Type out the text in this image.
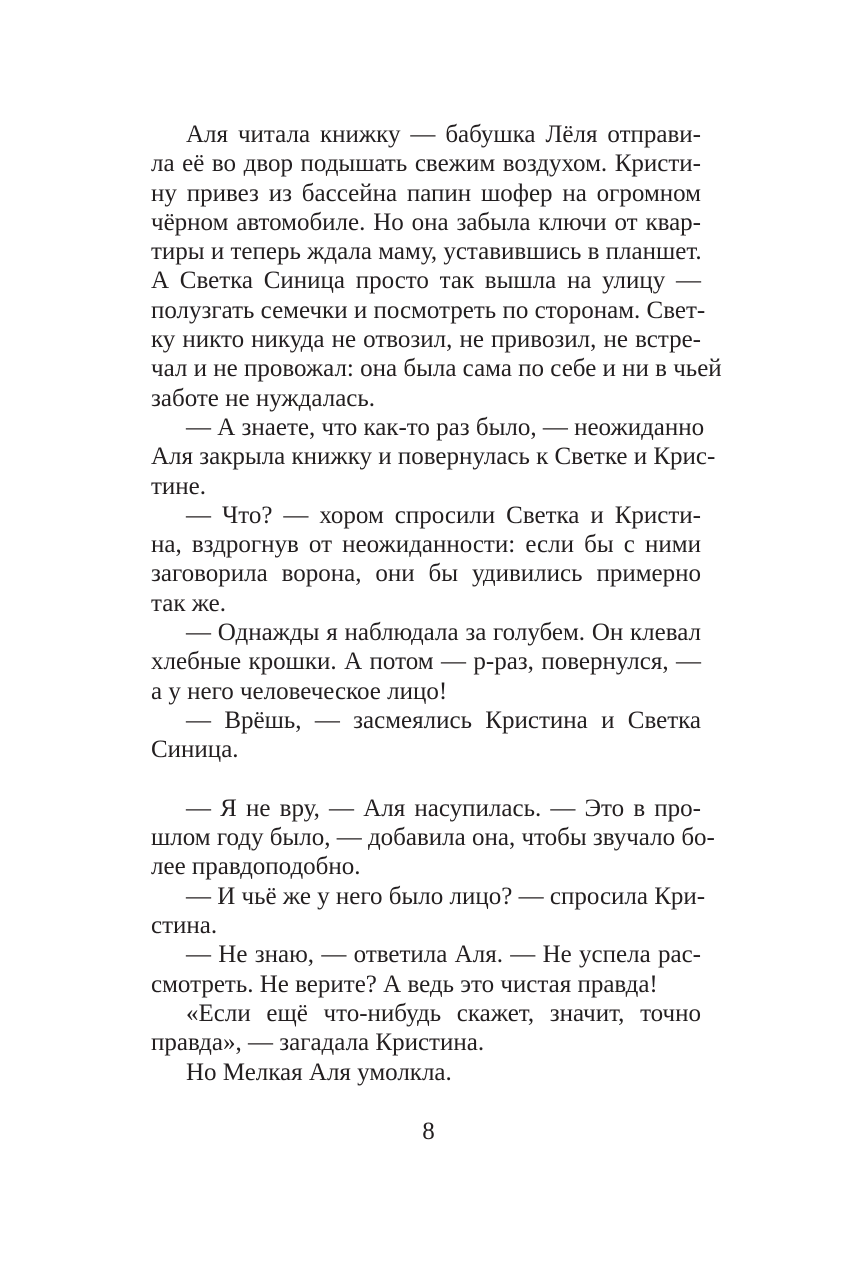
Аля читала книжку — бабушка Лёля отправи-
ла её во двор подышать свежим воздухом. Кристи-
ну привез из бассейна папин шофер на огромном
чёрном автомобиле. Но она забыла ключи от квар-
тиры и теперь ждала маму, уставившись в планшет.
А Светка Синица просто так вышла на улицу —
полузгать семечки и посмотреть по сторонам. Свет-
ку никто никуда не отвозил, не привозил, не встре-
чал и не провожал: она была сама по себе и ни в чьей
заботе не нуждалась.
— А знаете, что как-то раз было, — неожиданно
Аля закрыла книжку и повернулась к Светке и Крис-
тине.
— Что? — хором спросили Светка и Кристи-
на, вздрогнув от неожиданности: если бы с ними
заговорила ворона, они бы удивились примерно
так же.
— Однажды я наблюдала за голубем. Он клевал
хлебные крошки. А потом — р-раз, повернулся, —
а у него человеческое лицо!
— Врёшь, — засмеялись Кристина и Светка
Синица.
— Я не вру, — Аля насупилась. — Это в про-
шлом году было, — добавила она, чтобы звучало бо-
лее правдоподобно.
— И чьё же у него было лицо? — спросила Кри-
стина.
— Не знаю, — ответила Аля. — Не успела рас-
смотреть. Не верите? А ведь это чистая правда!
«Если ещё что-нибудь скажет, значит, точно
правда», — загадала Кристина.
Но Мелкая Аля умолкла.
8
